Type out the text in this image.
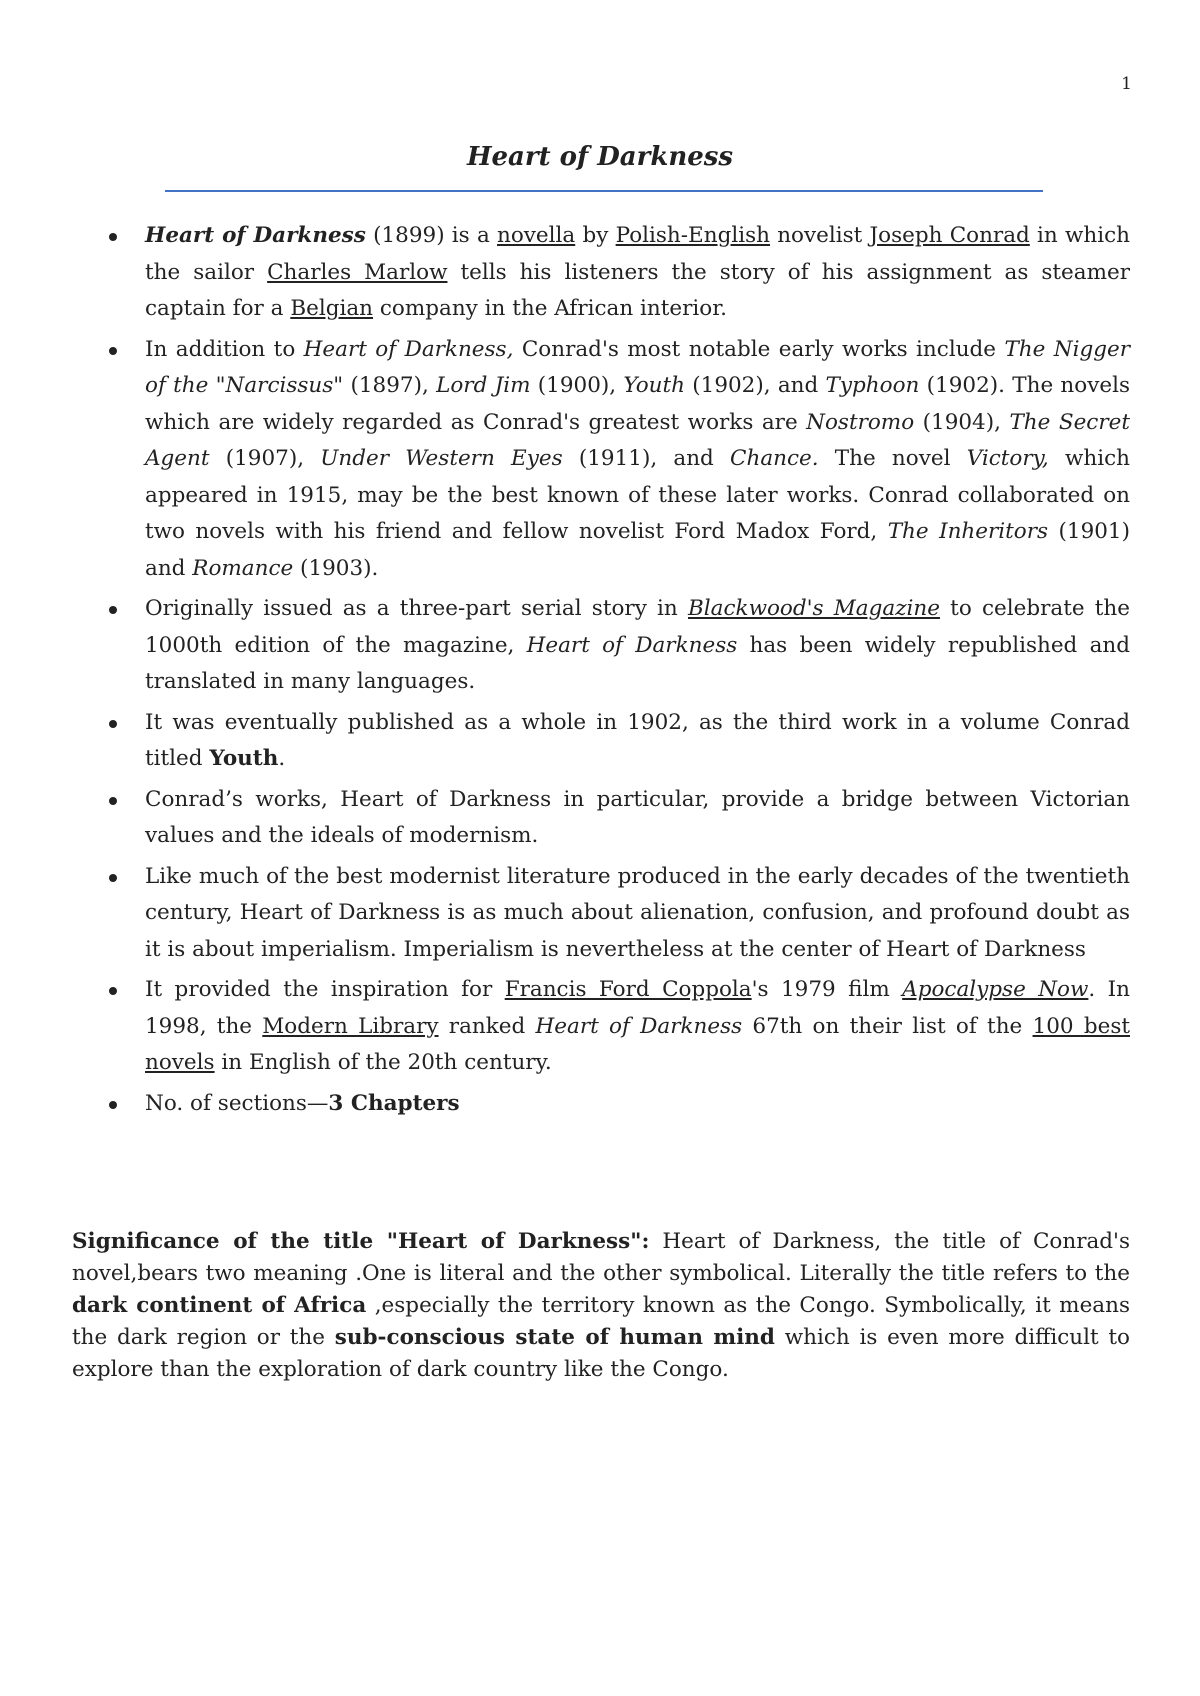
1
Heart of Darkness
Heart of Darkness (1899) is a novella by Polish-English novelist Joseph Conrad in which the sailor Charles Marlow tells his listeners the story of his assignment as steamer captain for a Belgian company in the African interior.
In addition to Heart of Darkness, Conrad's most notable early works include The Nigger of the "Narcissus" (1897), Lord Jim (1900), Youth (1902), and Typhoon (1902). The novels which are widely regarded as Conrad's greatest works are Nostromo (1904), The Secret Agent (1907), Under Western Eyes (1911), and Chance. The novel Victory, which appeared in 1915, may be the best known of these later works. Conrad collaborated on two novels with his friend and fellow novelist Ford Madox Ford, The Inheritors (1901) and Romance (1903).
Originally issued as a three-part serial story in Blackwood's Magazine to celebrate the 1000th edition of the magazine, Heart of Darkness has been widely republished and translated in many languages.
It was eventually published as a whole in 1902, as the third work in a volume Conrad titled Youth.
Conrad’s works, Heart of Darkness in particular, provide a bridge between Victorian values and the ideals of modernism.
Like much of the best modernist literature produced in the early decades of the twentieth century, Heart of Darkness is as much about alienation, confusion, and profound doubt as it is about imperialism. Imperialism is nevertheless at the center of Heart of Darkness
It provided the inspiration for Francis Ford Coppola's 1979 film Apocalypse Now. In 1998, the Modern Library ranked Heart of Darkness 67th on their list of the 100 best novels in English of the 20th century.
No. of sections—3 Chapters

Significance of the title "Heart of Darkness": Heart of Darkness, the title of Conrad's novel,bears two meaning .One is literal and the other symbolical. Literally the title refers to the dark continent of Africa ,especially the territory known as the Congo. Symbolically, it means the dark region or the sub-conscious state of human mind which is even more difficult to explore than the exploration of dark country like the Congo.
